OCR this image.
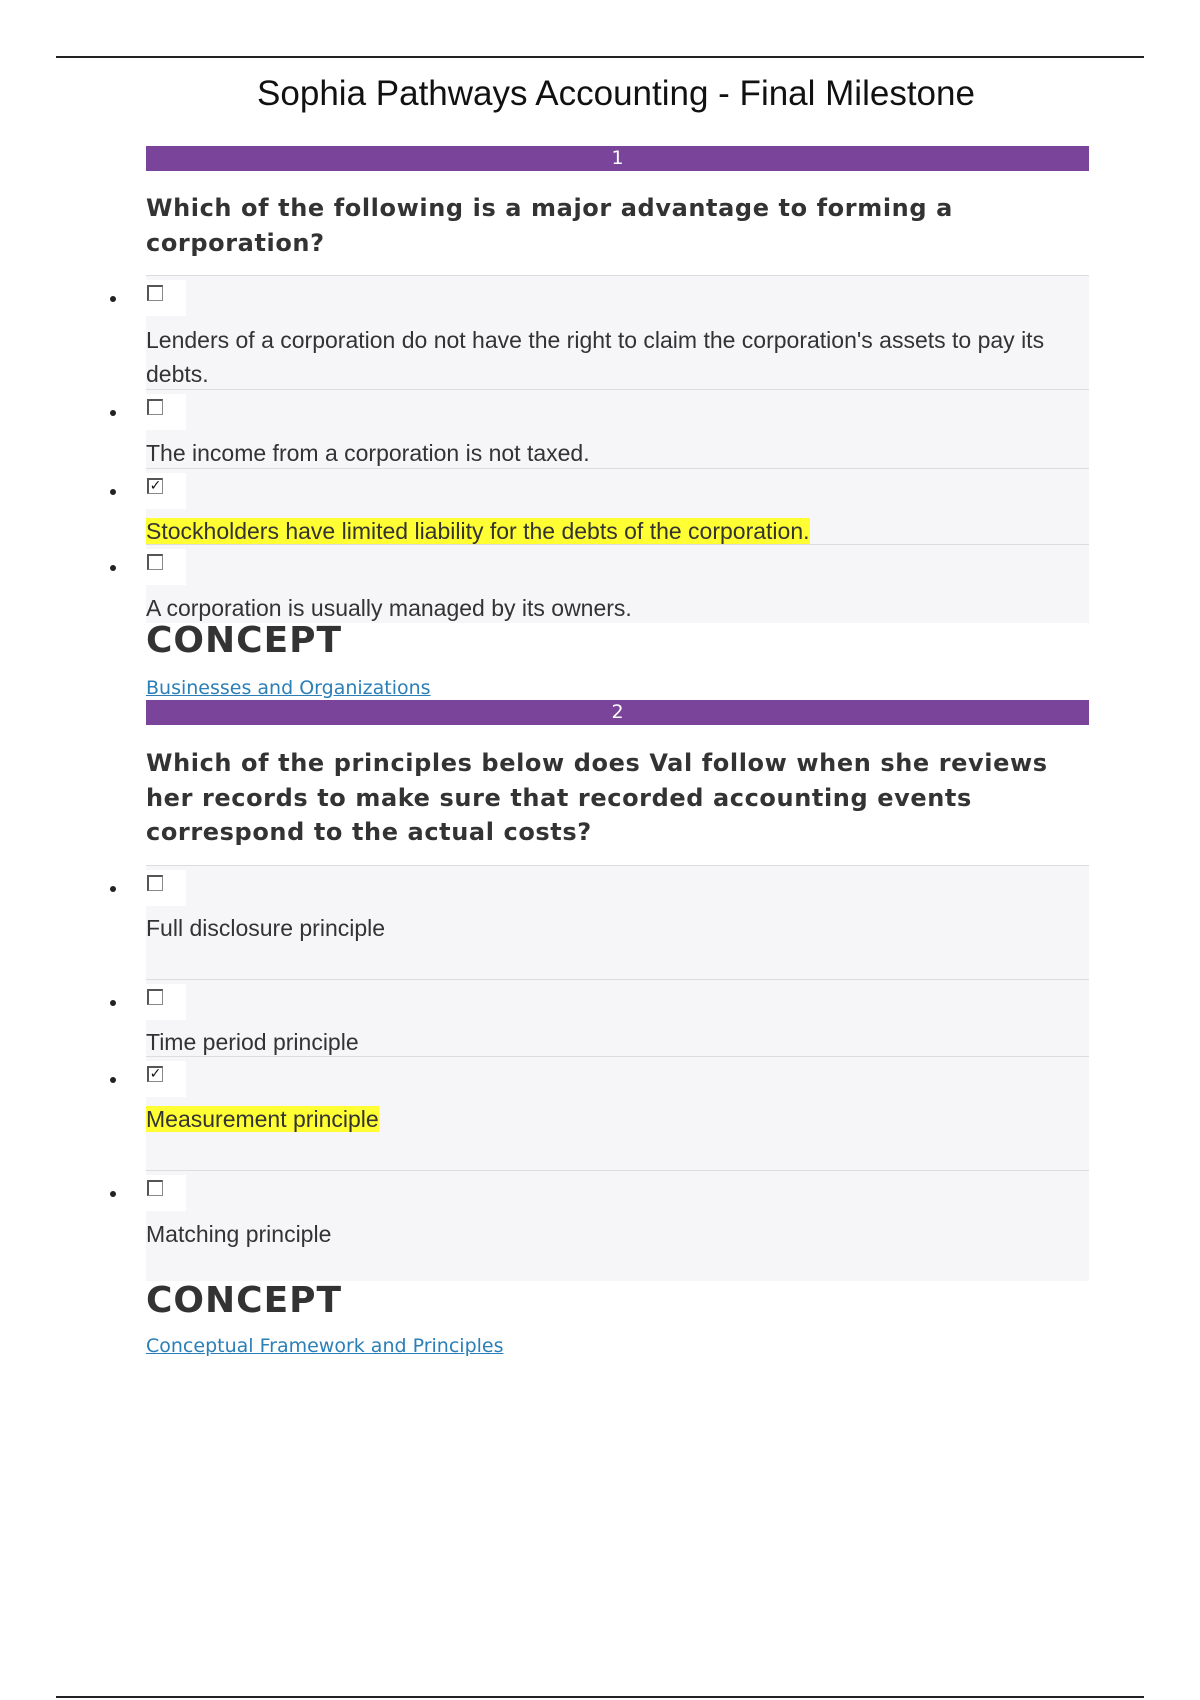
Sophia Pathways Accounting - Final Milestone
1
Which of the following is a major advantage to forming a corporation?
Lenders of a corporation do not have the right to claim the corporation's assets to pay its debts.
The income from a corporation is not taxed.
✓
Stockholders have limited liability for the debts of the corporation.
A corporation is usually managed by its owners.
CONCEPT
Businesses and Organizations
2
Which of the principles below does Val follow when she reviews her records to make sure that recorded accounting events correspond to the actual costs?
Full disclosure principle
Time period principle
✓
Measurement principle
Matching principle
CONCEPT
Conceptual Framework and Principles
